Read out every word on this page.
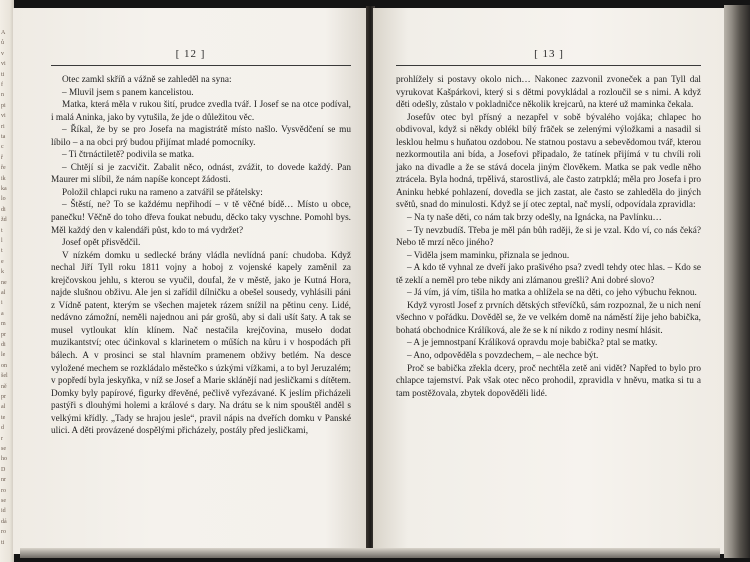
A
ů
v
vi
ti
f
n
pi
vi
ri
ta
c
ř
ře
ik
ka
lo
di
žd
t
l
t
e
k
ne
al
i
a
m
pr
di
le
on
šel
ně
pr
al
te
d
r
se
ho
D
nr
ro
se
id
dá
ro
ti
[ 12 ]

Otec zamkl skříň a vážně se zahleděl na syna:

– Mluvil jsem s panem kancelistou.

Matka, která měla v rukou šití, prudce zvedla tvář. I Josef se na otce podíval, i malá Aninka, jako by vytušila, že jde o důležitou věc.

– Říkal, že by se pro Josefa na magistrátě místo našlo. Vysvědčení se mu líbilo – a na obci prý budou přijímat mladé pomocníky.

– Ti čtrnáctiletě? podivila se matka.

– Chtějí si je zacvičit. Zabalit něco, odnást, zvážit, to dovede každý. Pan Maurer mi slíbil, že nám napíše koncept žádosti.

Položil chlapci ruku na rameno a zatvářil se přátelsky:

– Štěstí, ne? To se každému nepřihodí – v tě věčné bídě… Místo u obce, panečku! Věčně do toho dřeva foukat nebudu, děcko taky vyschne. Pomohl bys. Měl každý den v kalendáři půst, kdo to má vydržet?

Josef opět přisvědčil.

V nízkém domku u sedlecké brány vládla nevlídná paní: chudoba. Když nechal Jiří Tyll roku 1811 vojny a hoboj z vojenské kapely zaměnil za krejčovskou jehlu, s kterou se vyučil, doufal, že v městě, jako je Kutná Hora, najde slušnou obživu. Ale jen si zařídil dílničku a obešel sousedy, vyhlásili páni z Vídně patent, kterým se všechen majetek rázem snížil na pětinu ceny. Lidé, nedávno zámožní, neměli najednou ani pár grošů, aby si dali ušít šaty. A tak se musel vytloukat klín klínem. Nač nestačila krejčovina, museło dodat muzikantství; otec účinkoval s klarinetem o műších na kůru i v hospodách při bálech. A v prosinci se stal hlavním pramenem obživy betlém. Na desce vyložené mechem se rozkládalo městečko s úzkými vížkami, a to byl Jeruzalém; v popředí byla jeskyňka, v níž se Josef a Marie sklánějí nad jesličkami s dítětem. Domky byly papírové, figurky dřevěné, pečlivě vyřezávané. K jeslím přicházeli pastýři s dlouhými holemi a králové s dary. Na drátu se k nim spouštěl anděl s velkými křídly. „Tady se hrajou jesle“, pravil nápis na dveřích domku v Panské ulici. A děti provázené dospělými přicházely, postály před jesličkami,

[ 13 ]

prohlížely si postavy okolo nich… Nakonec zazvonil zvoneček a pan Tyll dal vyrukovat Kašpárkovi, který si s dětmi povykládal a rozloučil se s nimi. A když děti odešly, zůstalo v pokladničce několik krejcarů, na které už maminka čekala.

Josefův otec byl přísný a nezapřel v sobě bývalého vojáka; chlapec ho obdivoval, když si někdy oblékl bílý frāček se zelenými výložkami a nasadil si lesklou helmu s huňatou ozdobou. Ne statnou postavu a sebevědomou tvář, kterou nezkormoutila ani bída, a Josefovi připadalo, že tatínek přijímá v tu chvíli roli jako na divadle a že se stává docela jiným člověkem. Matka se pak vedle něho ztrácela. Byla hodná, trpělivá, starostlivá, ale často zatrpklá; měla pro Josefa i pro Aninku hebké pohlazení, dovedla se jich zastat, ale často se zahleděla do jiných světů, snad do minulosti. Když se jí otec zeptal, nač myslí, odpovídala zpravidla:

– Na ty naše děti, co nám tak brzy odešly, na Ignácka, na Pavlínku…

– Ty nevzbudíš. Třeba je měl pán bůh raději, že si je vzal. Kdo ví, co nás čeká? Nebo tě mrzí něco jiného?

– Viděla jsem maminku, přiznala se jednou.

– A kdo tě vyhnal ze dveří jako prašivého psa? zvedl tehdy otec hlas. – Kdo se tě zeklí a neměl pro tebe nikdy ani zlámanou grešli? Ani dobré slovo?

– Já vím, já vím, tišila ho matka a ohlížela se na děti, co jeho výbuchu řeknou.

Když vyrostl Josef z prvních dětských střevíčků, sám rozpoznal, že u nich není všechno v pořádku. Dověděl se, že ve velkém domě na náměstí žije jeho babička, bohatá obchodnice Králíková, ale že se k ní nikdo z rodiny nesmí hlásit.

– A je jemnostpaní Králíková opravdu moje babička? ptal se matky.

– Ano, odpověděla s povzdechem, – ale nechce být.

Proč se babička zřekla dcery, proč nechtěla zetě ani vidět? Napřed to bylo pro chlapce tajemství. Pak však otec něco prohodil, zpravidla v hněvu, matka si tu a tam postěžovala, zbytek dopověděli lidé.
